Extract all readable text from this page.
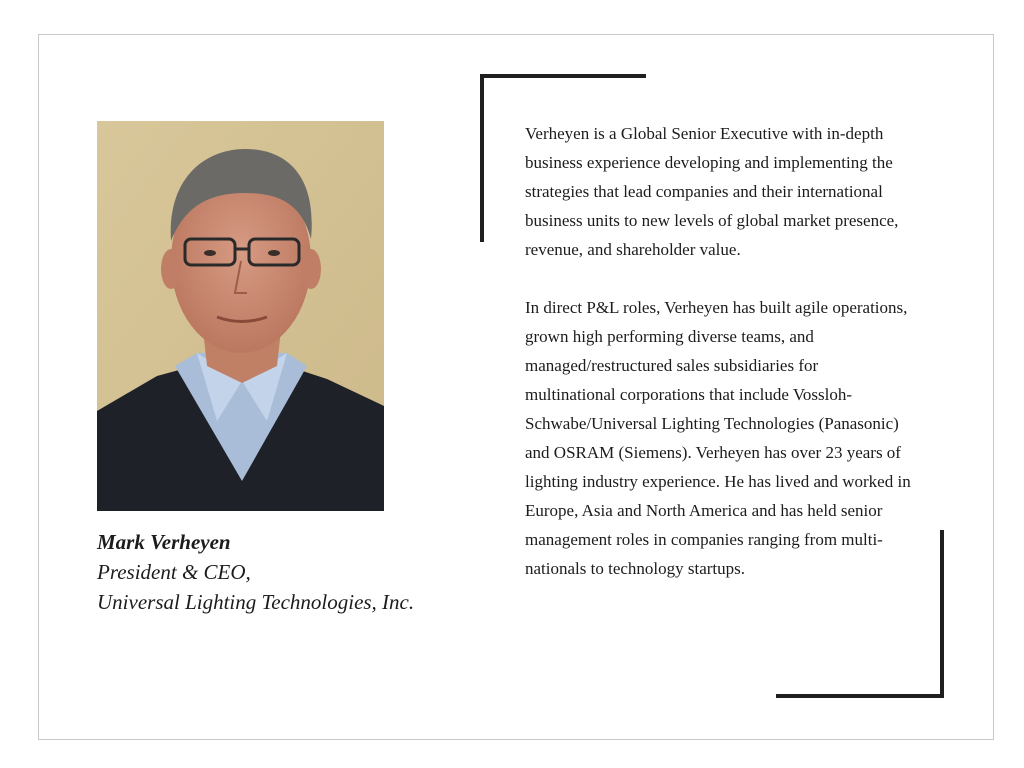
Mark Verheyen
President & CEO,
Universal Lighting Technologies, Inc.

Verheyen is a Global Senior Executive with in-depth business experience developing and implementing the strategies that lead companies and their international business units to new levels of global market presence, revenue, and shareholder value.

In direct P&L roles, Verheyen has built agile operations, grown high performing diverse teams, and managed/restructured sales subsidiaries for multinational corporations that include Vossloh-Schwabe/Universal Lighting Technologies (Panasonic) and OSRAM (Siemens). Verheyen has over 23 years of lighting industry experience. He has lived and worked in Europe, Asia and North America and has held senior management roles in companies ranging from multi-nationals to technology startups.
